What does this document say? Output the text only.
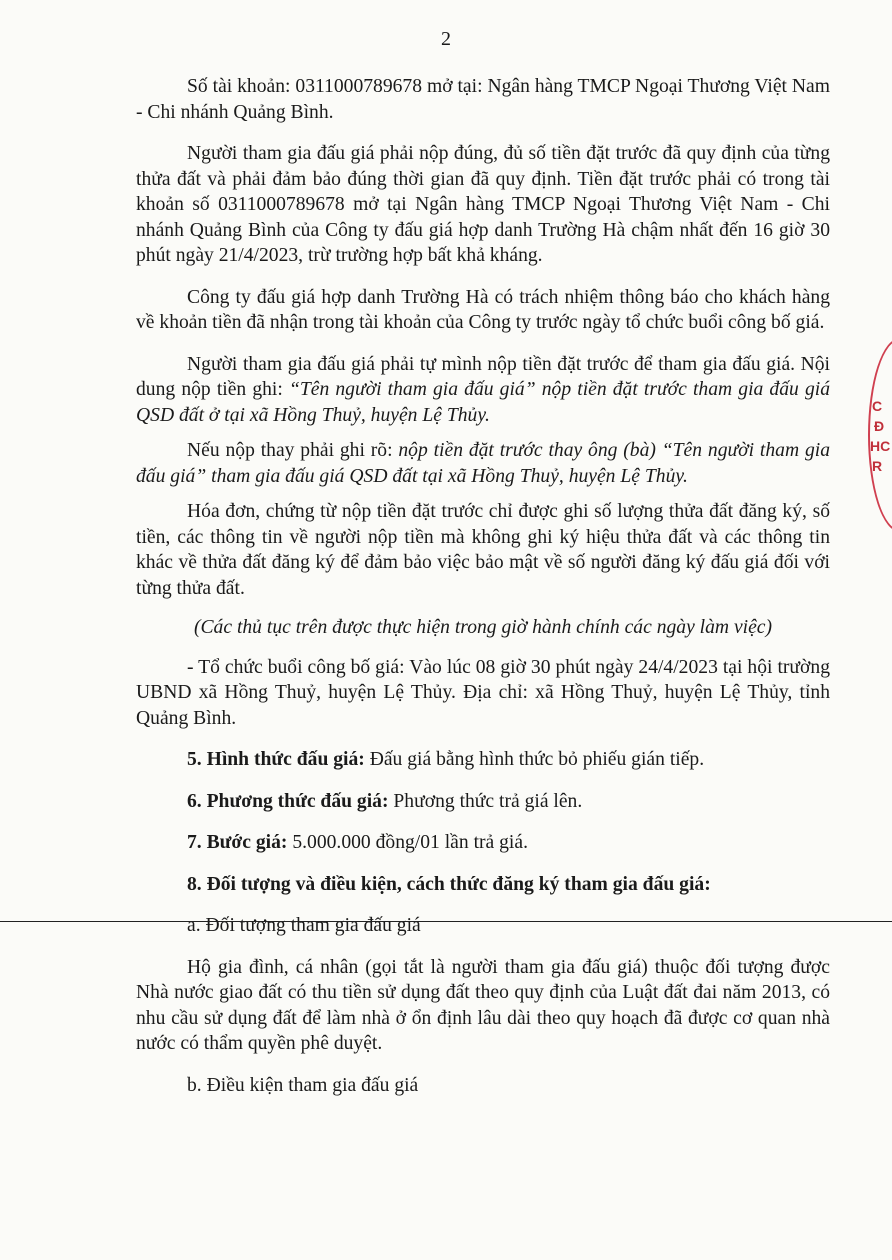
2

Số tài khoản: 0311000789678 mở tại: Ngân hàng TMCP Ngoại Thương Việt Nam - Chi nhánh Quảng Bình.

Người tham gia đấu giá phải nộp đúng, đủ số tiền đặt trước đã quy định của từng thửa đất và phải đảm bảo đúng thời gian đã quy định. Tiền đặt trước phải có trong tài khoản số 0311000789678 mở tại Ngân hàng TMCP Ngoại Thương Việt Nam - Chi nhánh Quảng Bình của Công ty đấu giá hợp danh Trường Hà chậm nhất đến 16 giờ 30 phút ngày 21/4/2023, trừ trường hợp bất khả kháng.

Công ty đấu giá hợp danh Trường Hà có trách nhiệm thông báo cho khách hàng về khoản tiền đã nhận trong tài khoản của Công ty trước ngày tổ chức buổi công bố giá.

Người tham gia đấu giá phải tự mình nộp tiền đặt trước để tham gia đấu giá. Nội dung nộp tiền ghi: “Tên người tham gia đấu giá” nộp tiền đặt trước tham gia đấu giá QSD đất ở tại xã Hồng Thuỷ, huyện Lệ Thủy.

Nếu nộp thay phải ghi rõ: nộp tiền đặt trước thay ông (bà) “Tên người tham gia đấu giá” tham gia đấu giá QSD đất tại xã Hồng Thuỷ, huyện Lệ Thủy.

Hóa đơn, chứng từ nộp tiền đặt trước chỉ được ghi số lượng thửa đất đăng ký, số tiền, các thông tin về người nộp tiền mà không ghi ký hiệu thửa đất và các thông tin khác về thửa đất đăng ký để đảm bảo việc bảo mật về số người đăng ký đấu giá đối với từng thửa đất.

(Các thủ tục trên được thực hiện trong giờ hành chính các ngày làm việc)

- Tổ chức buổi công bố giá: Vào lúc 08 giờ 30 phút ngày 24/4/2023 tại hội trường UBND xã Hồng Thuỷ, huyện Lệ Thủy. Địa chỉ: xã Hồng Thuỷ, huyện Lệ Thủy, tỉnh Quảng Bình.

5. Hình thức đấu giá: Đấu giá bằng hình thức bỏ phiếu gián tiếp.

6. Phương thức đấu giá: Phương thức trả giá lên.

7. Bước giá: 5.000.000 đồng/01 lần trả giá.

8. Đối tượng và điều kiện, cách thức đăng ký tham gia đấu giá:

a. Đối tượng tham gia đấu giá

Hộ gia đình, cá nhân (gọi tắt là người tham gia đấu giá) thuộc đối tượng được Nhà nước giao đất có thu tiền sử dụng đất theo quy định của Luật đất đai năm 2013, có nhu cầu sử dụng đất để làm nhà ở ổn định lâu dài theo quy hoạch đã được cơ quan nhà nước có thẩm quyền phê duyệt.

b. Điều kiện tham gia đấu giá

C
Đ
HC
R
